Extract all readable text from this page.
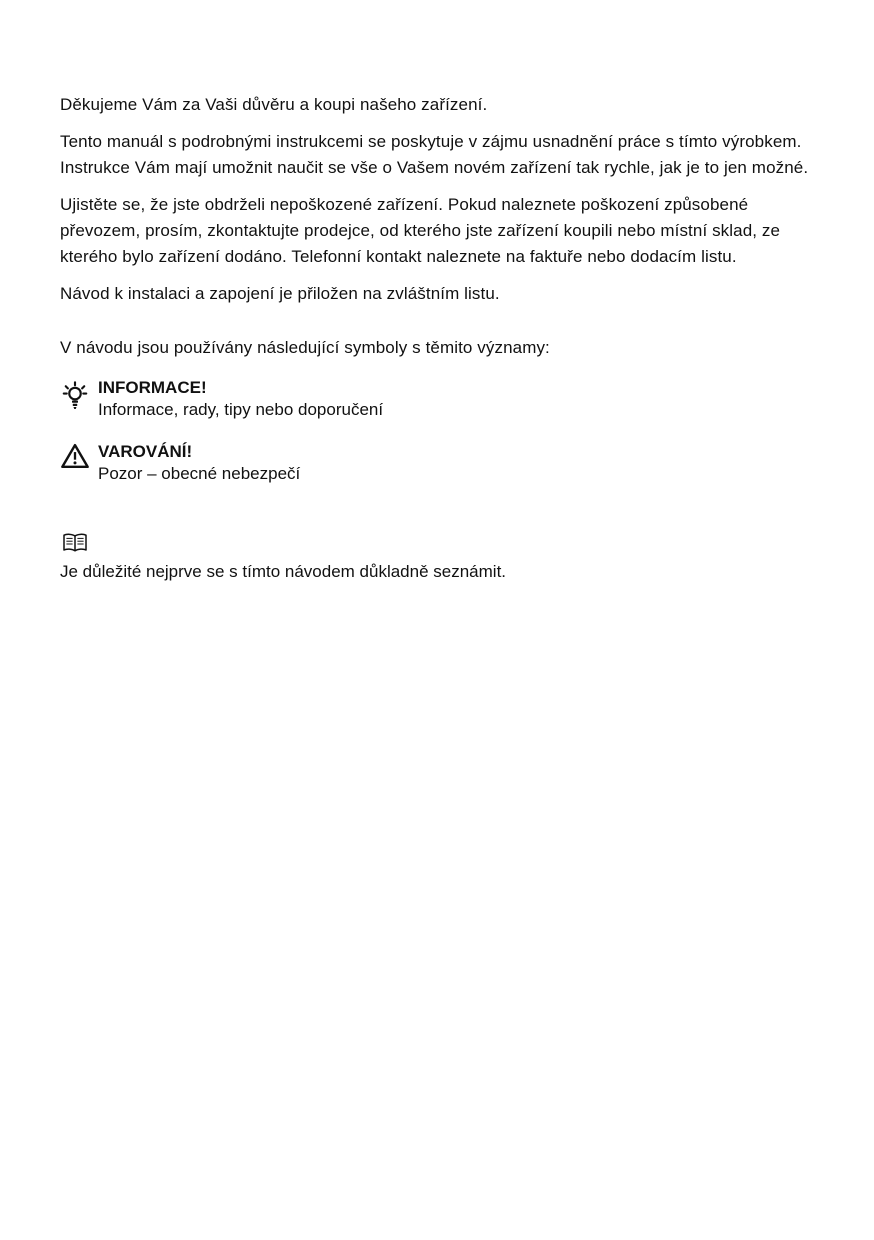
Děkujeme Vám za Vaši důvěru a koupi našeho zařízení.

Tento manuál s podrobnými instrukcemi se poskytuje v zájmu usnadnění práce s tímto výrobkem. Instrukce Vám mají umožnit naučit se vše o Vašem novém zařízení tak rychle, jak je to jen možné.

Ujistěte se, že jste obdrželi nepoškozené zařízení. Pokud naleznete poškození způsobené převozem, prosím, zkontaktujte prodejce, od kterého jste zařízení koupili nebo místní sklad, ze kterého bylo zařízení dodáno. Telefonní kontakt naleznete na faktuře nebo dodacím listu.

Návod k instalaci a zapojení je přiložen na zvláštním listu.

V návodu jsou používány následující symboly s těmito významy:

INFORMACE!
Informace, rady, tipy nebo doporučení
VAROVÁNÍ!
Pozor – obecné nebezpečí

Je důležité nejprve se s tímto návodem důkladně seznámit.
